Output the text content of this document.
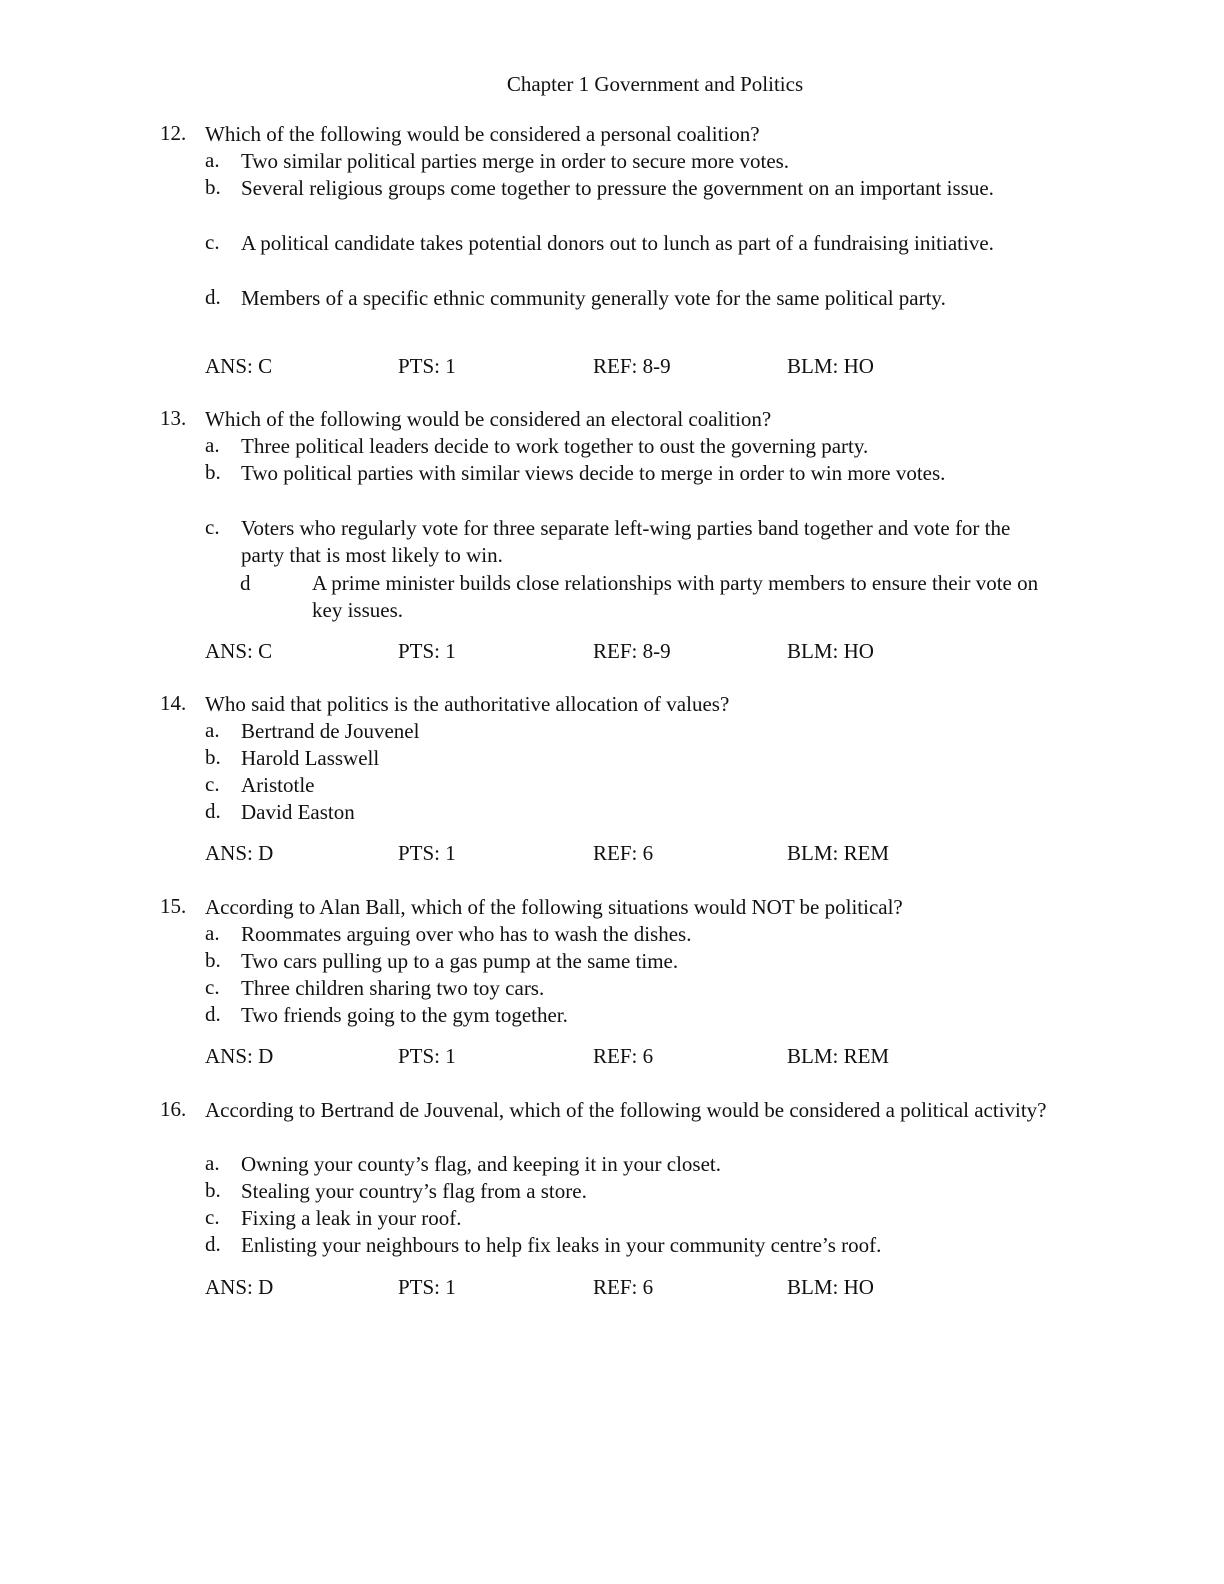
Chapter 1 Government and Politics
12. Which of the following would be considered a personal coalition?
a. Two similar political parties merge in order to secure more votes.
b. Several religious groups come together to pressure the government on an important issue.
c. A political candidate takes potential donors out to lunch as part of a fundraising initiative.
d. Members of a specific ethnic community generally vote for the same political party.
ANS: C	PTS: 1	REF: 8-9	BLM: HO
13. Which of the following would be considered an electoral coalition?
a. Three political leaders decide to work together to oust the governing party.
b. Two political parties with similar views decide to merge in order to win more votes.
c. Voters who regularly vote for three separate left-wing parties band together and vote for the party that is most likely to win.
d	A prime minister builds close relationships with party members to ensure their vote on key issues.
ANS: C	PTS: 1	REF: 8-9	BLM: HO
14. Who said that politics is the authoritative allocation of values?
a. Bertrand de Jouvenel
b. Harold Lasswell
c. Aristotle
d. David Easton
ANS: D	PTS: 1	REF: 6	BLM: REM
15. According to Alan Ball, which of the following situations would NOT be political?
a. Roommates arguing over who has to wash the dishes.
b. Two cars pulling up to a gas pump at the same time.
c. Three children sharing two toy cars.
d. Two friends going to the gym together.
ANS: D	PTS: 1	REF: 6	BLM: REM
16. According to Bertrand de Jouvenal, which of the following would be considered a political activity?
a. Owning your county’s flag, and keeping it in your closet.
b. Stealing your country’s flag from a store.
c. Fixing a leak in your roof.
d. Enlisting your neighbours to help fix leaks in your community centre’s roof.
ANS: D	PTS: 1	REF: 6	BLM: HO
